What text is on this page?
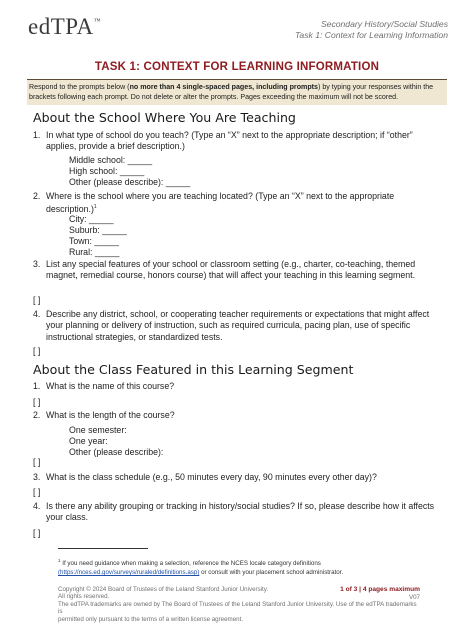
edTPA™	Secondary History/Social Studies
Task 1: Context for Learning Information
TASK 1: CONTEXT FOR LEARNING INFORMATION
Respond to the prompts below (no more than 4 single-spaced pages, including prompts) by typing your responses within the brackets following each prompt. Do not delete or alter the prompts. Pages exceeding the maximum will not be scored.
About the School Where You Are Teaching
1. In what type of school do you teach? (Type an “X” next to the appropriate description; if “other” applies, provide a brief description.)
Middle school: _____
High school: _____
Other (please describe): _____
2. Where is the school where you are teaching located? (Type an “X” next to the appropriate description.)$^1$
City: _____
Suburb: _____
Town: _____
Rural: _____
3. List any special features of your school or classroom setting (e.g., charter, co-teaching, themed magnet, remedial course, honors course) that will affect your teaching in this learning segment.
[ ]
4. Describe any district, school, or cooperating teacher requirements or expectations that might affect your planning or delivery of instruction, such as required curricula, pacing plan, use of specific instructional strategies, or standardized tests.
[ ]
About the Class Featured in this Learning Segment
1. What is the name of this course?
[ ]
2. What is the length of the course?
One semester:
One year:
Other (please describe):
[ ]
3. What is the class schedule (e.g., 50 minutes every day, 90 minutes every other day)?
[ ]
4. Is there any ability grouping or tracking in history/social studies? If so, please describe how it affects your class.
[ ]
$^1$ If you need guidance when making a selection, reference the NCES locale category definitions
(https://nces.ed.gov/surveys/ruraled/definitions.asp) or consult with your placement school administrator.
Copyright © 2024 Board of Trustees of the Leland Stanford Junior University.
All rights reserved.
The edTPA trademarks are owned by The Board of Trustees of the Leland Stanford Junior University. Use of the edTPA trademarks is
permitted only pursuant to the terms of a written license agreement.
1 of 3 | 4 pages maximum
V07
